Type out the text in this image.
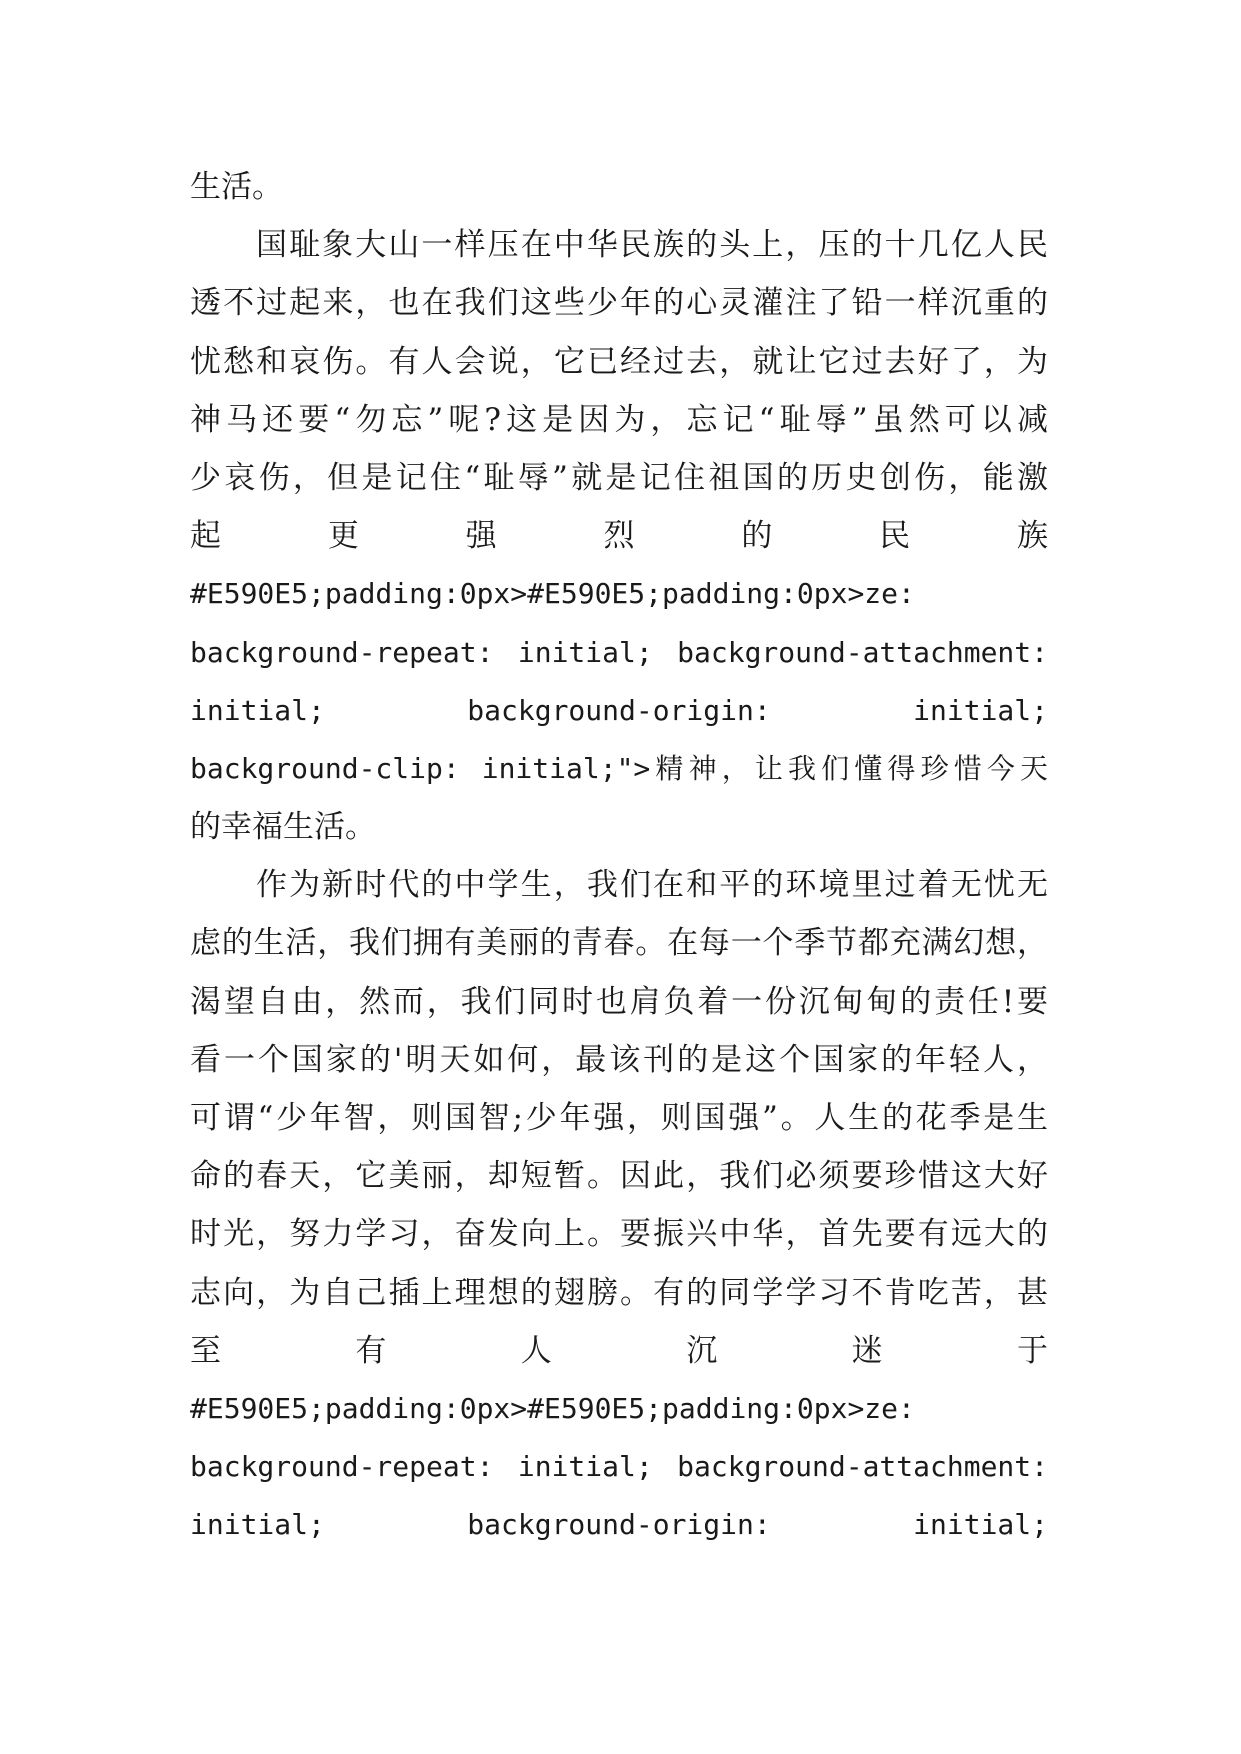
生活。
国耻象大山一样压在中华民族的头上，压的十几亿人民
透不过起来，也在我们这些少年的心灵灌注了铅一样沉重的
忧愁和哀伤。有人会说，它已经过去，就让它过去好了，为
神马还要“勿忘”呢?这是因为，忘记“耻辱”虽然可以减
少哀伤，但是记住“耻辱”就是记住祖国的历史创伤，能激
起 更 强 烈 的 民 族
#E590E5;padding:0px>#E590E5;padding:0px>ze:
background-repeat: initial; background-attachment:
initial; background-origin: initial;
background-clip: initial;">精神，让我们懂得珍惜今天
的幸福生活。
作为新时代的中学生，我们在和平的环境里过着无忧无
虑的生活，我们拥有美丽的青春。在每一个季节都充满幻想，
渴望自由，然而，我们同时也肩负着一份沉甸甸的责任!要
看一个国家的'明天如何，最该刊的是这个国家的年轻人，
可谓“少年智，则国智;少年强，则国强”。人生的花季是生
命的春天，它美丽，却短暂。因此，我们必须要珍惜这大好
时光，努力学习，奋发向上。要振兴中华，首先要有远大的
志向，为自己插上理想的翅膀。有的同学学习不肯吃苦，甚
至 有 人 沉 迷 于
#E590E5;padding:0px>#E590E5;padding:0px>ze:
background-repeat: initial; background-attachment:
initial; background-origin: initial;
